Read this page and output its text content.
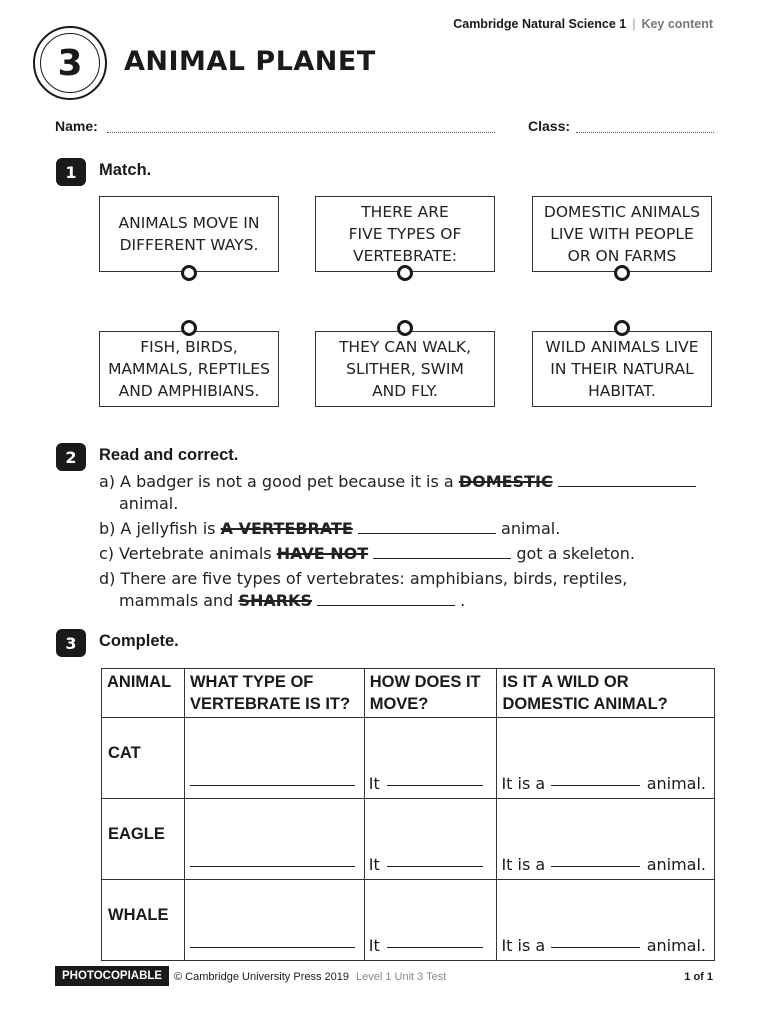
Cambridge Natural Science 1 | Key content
3	ANIMAL PLANET
Name:	Class:
1	Match.
ANIMALS MOVE IN
DIFFERENT WAYS.
THERE ARE
FIVE TYPES OF
VERTEBRATE:
DOMESTIC ANIMALS
LIVE WITH PEOPLE
OR ON FARMS
FISH, BIRDS,
MAMMALS, REPTILES
AND AMPHIBIANS.
THEY CAN WALK,
SLITHER, SWIM
AND FLY.
WILD ANIMALS LIVE
IN THEIR NATURAL
HABITAT.
2	Read and correct.
a) A badger is not a good pet because it is a DOMESTIC
animal.
b) A jellyfish is A VERTEBRATE	animal.
c) Vertebrate animals HAVE NOT	got a skeleton.
d) There are five types of vertebrates: amphibians, birds, reptiles,
mammals and SHARKS	.
3	Complete.
ANIMAL	WHAT TYPE OF VERTEBRATE IS IT?	HOW DOES IT MOVE?	IS IT A WILD OR DOMESTIC ANIMAL?
CAT		It	It is a animal.

EAGLE		It	It is a animal.

WHALE		It	It is a animal.
PHOTOCOPIABLE	© Cambridge University Press 2019 Level 1 Unit 3 Test	1 of 1
